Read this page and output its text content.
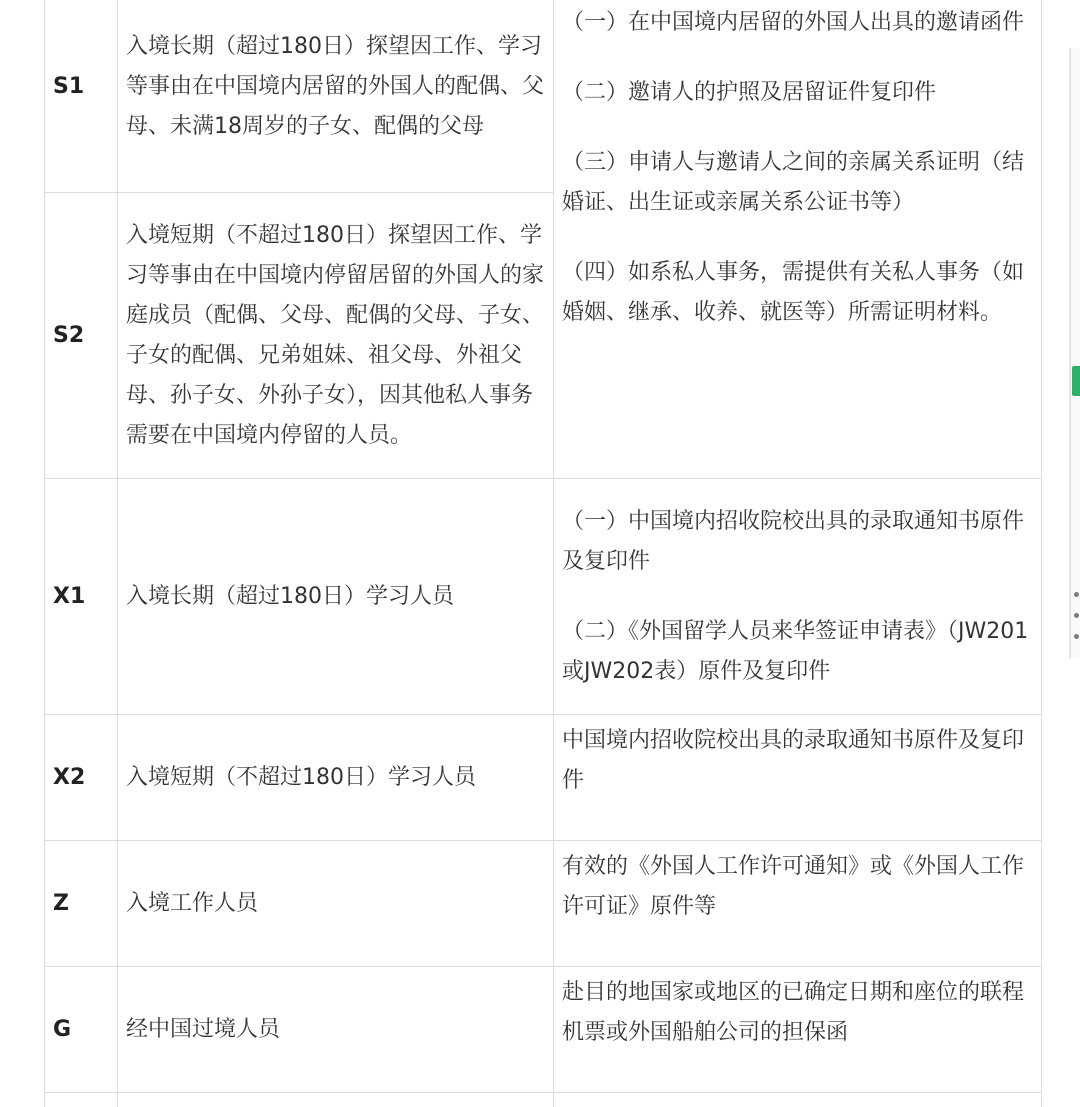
S1	入境长期（超过180日）探望因工作、学习等事由在中国境内居留的外国人的配偶、父母、未满18周岁的子女、配偶的父母	（一）在中国境内居留的外国人出具的邀请函件

（二）邀请人的护照及居留证件复印件

（三）申请人与邀请人之间的亲属关系证明（结婚证、出生证或亲属关系公证书等）

（四）如系私人事务，需提供有关私人事务（如婚姻、继承、收养、就医等）所需证明材料。

S2	入境短期（不超过180日）探望因工作、学习等事由在中国境内停留居留的外国人的家庭成员（配偶、父母、配偶的父母、子女、子女的配偶、兄弟姐妹、祖父母、外祖父母、孙子女、外孙子女），因其他私人事务需要在中国境内停留的人员。	
X1	入境长期（超过180日）学习人员	（一）中国境内招收院校出具的录取通知书原件及复印件

（二）《外国留学人员来华签证申请表》（JW201或JW202表）原件及复印件

X2	入境短期（不超过180日）学习人员	中国境内招收院校出具的录取通知书原件及复印件

Z	入境工作人员	有效的《外国人工作许可通知》或《外国人工作许可证》原件等

G	经中国过境人员	赴目的地国家或地区的已确定日期和座位的联程机票或外国船舶公司的担保函
